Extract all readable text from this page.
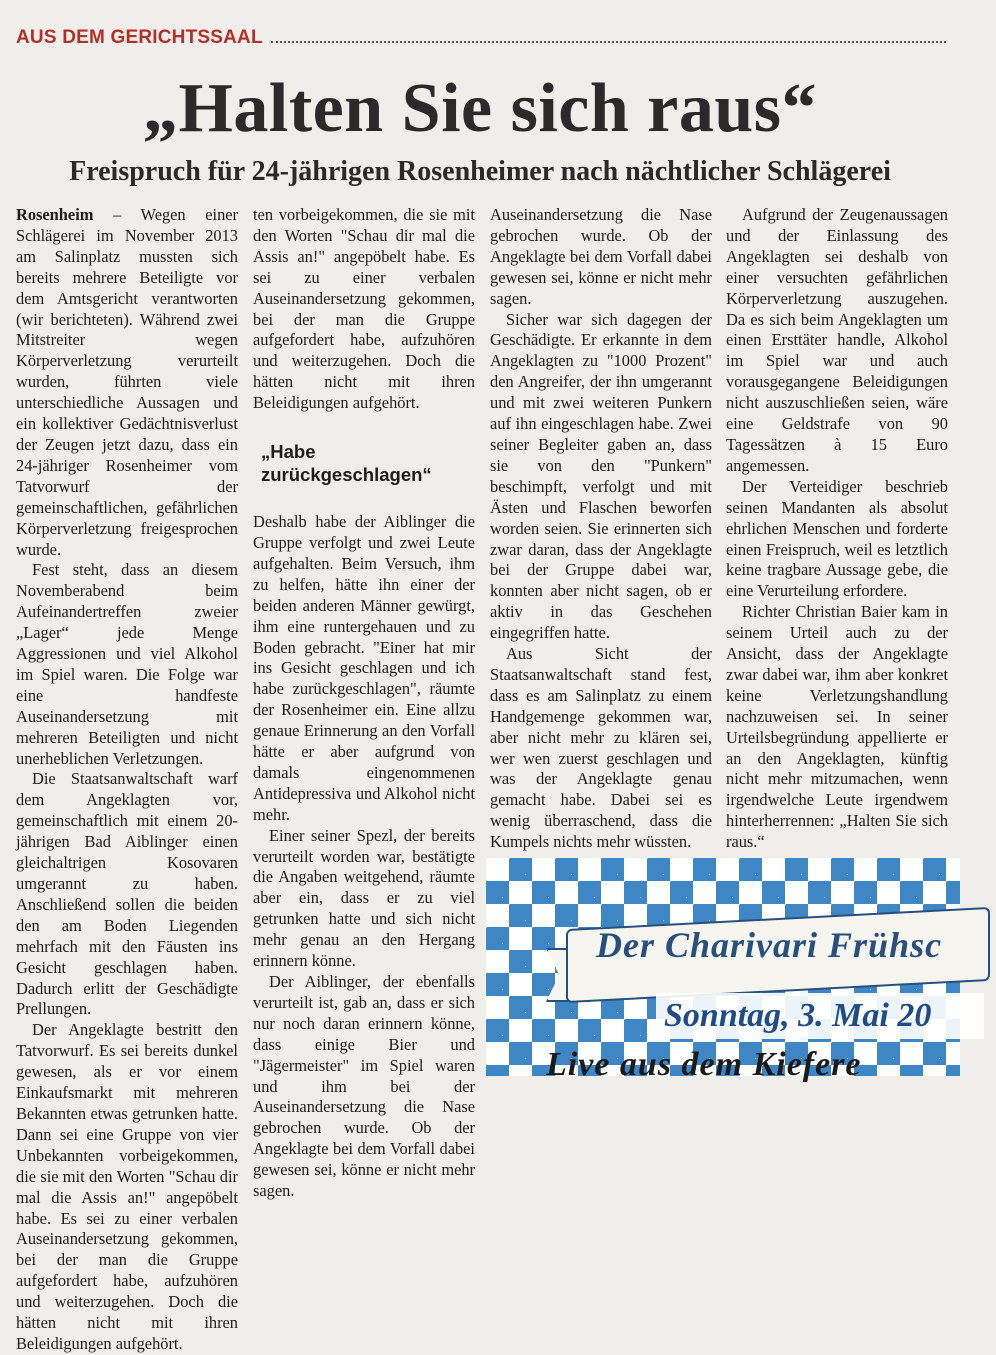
AUS DEM GERICHTSSAAL
„Halten Sie sich raus“
Freispruch für 24-jährigen Rosenheimer nach nächtlicher Schlägerei

Rosenheim – Wegen einer Schlägerei im November 2013 am Salinplatz mussten sich bereits mehrere Beteiligte vor dem Amtsgericht verantworten (wir berichteten). Während zwei Mitstreiter wegen Körperverletzung verurteilt wurden, führten viele unterschiedliche Aussagen und ein kollektiver Gedächtnisverlust der Zeugen jetzt dazu, dass ein 24-jähriger Rosenheimer vom Tatvorwurf der gemeinschaftlichen, gefährlichen Körperverletzung freigesprochen wurde.

Fest steht, dass an diesem Novemberabend beim Aufeinandertreffen zweier „Lager“ jede Menge Aggressionen und viel Alkohol im Spiel waren. Die Folge war eine handfeste Auseinandersetzung mit mehreren Beteiligten und nicht unerheblichen Verletzungen.

Die Staatsanwaltschaft warf dem Angeklagten vor, gemeinschaftlich mit einem 20-jährigen Bad Aiblinger einen gleichaltrigen Kosovaren umgerannt zu haben. Anschließend sollen die beiden den am Boden Liegenden mehrfach mit den Fäusten ins Gesicht geschlagen haben. Dadurch erlitt der Geschädigte Prellungen.

Der Angeklagte bestritt den Tatvorwurf. Es sei bereits dunkel gewesen, als er vor einem Einkaufsmarkt mit mehreren Bekannten etwas getrunken hatte. Dann sei eine Gruppe von vier Unbekannten vorbeigekommen, die sie mit den Worten "Schau dir mal die Assis an!" angepöbelt habe. Es sei zu einer verbalen Auseinandersetzung gekommen, bei der man die Gruppe aufgefordert habe, aufzuhören und weiterzugehen. Doch die hätten nicht mit ihren Beleidigungen aufgehört.

ten vorbeigekommen, die sie mit den Worten "Schau dir mal die Assis an!" angepöbelt habe. Es sei zu einer verbalen Auseinandersetzung gekommen, bei der man die Gruppe aufgefordert habe, aufzuhören und weiterzugehen. Doch die hätten nicht mit ihren Beleidigungen aufgehört.

„Habe zurückgeschlagen“

Deshalb habe der Aiblinger die Gruppe verfolgt und zwei Leute aufgehalten. Beim Versuch, ihm zu helfen, hätte ihn einer der beiden anderen Männer gewürgt, ihm eine runtergehauen und zu Boden gebracht. "Einer hat mir ins Gesicht geschlagen und ich habe zurückgeschlagen", räumte der Rosenheimer ein. Eine allzu genaue Erinnerung an den Vorfall hätte er aber aufgrund von damals eingenommenen Antidepressiva und Alkohol nicht mehr.

Einer seiner Spezl, der bereits verurteilt worden war, bestätigte die Angaben weitgehend, räumte aber ein, dass er zu viel getrunken hatte und sich nicht mehr genau an den Hergang erinnern könne.

Der Aiblinger, der ebenfalls verurteilt ist, gab an, dass er sich nur noch daran erinnern könne, dass einige Bier und "Jägermeister" im Spiel waren und ihm bei der Auseinandersetzung die Nase gebrochen wurde. Ob der Angeklagte bei dem Vorfall dabei gewesen sei, könne er nicht mehr sagen.

Auseinandersetzung die Nase gebrochen wurde. Ob der Angeklagte bei dem Vorfall dabei gewesen sei, könne er nicht mehr sagen.

Sicher war sich dagegen der Geschädigte. Er erkannte in dem Angeklagten zu "1000 Prozent" den Angreifer, der ihn umgerannt und mit zwei weiteren Punkern auf ihn eingeschlagen habe. Zwei seiner Begleiter gaben an, dass sie von den "Punkern" beschimpft, verfolgt und mit Ästen und Flaschen beworfen worden seien. Sie erinnerten sich zwar daran, dass der Angeklagte bei der Gruppe dabei war, konnten aber nicht sagen, ob er aktiv in das Geschehen eingegriffen hatte.

Aus Sicht der Staatsanwaltschaft stand fest, dass es am Salinplatz zu einem Handgemenge gekommen war, aber nicht mehr zu klären sei, wer wen zuerst geschlagen und was der Angeklagte genau gemacht habe. Dabei sei es wenig überraschend, dass die Kumpels nichts mehr wüssten.

Aufgrund der Zeugenaussagen und der Einlassung des Angeklagten sei deshalb von einer versuchten gefährlichen Körperverletzung auszugehen. Da es sich beim Angeklagten um einen Ersttäter handle, Alkohol im Spiel war und auch vorausgegangene Beleidigungen nicht auszuschließen seien, wäre eine Geldstrafe von 90 Tagessätzen à 15 Euro angemessen.

Der Verteidiger beschrieb seinen Mandanten als absolut ehrlichen Menschen und forderte einen Freispruch, weil es letztlich keine tragbare Aussage gebe, die eine Verurteilung erfordere.

Richter Christian Baier kam in seinem Urteil auch zu der Ansicht, dass der Angeklagte zwar dabei war, ihm aber konkret keine Verletzungshandlung nachzuweisen sei. In seiner Urteilsbegründung appellierte er an den Angeklagten, künftig nicht mehr mitzumachen, wenn irgendwelche Leute irgendwem hinterherrennen: „Halten Sie sich raus.“

Der Charivari Frühsc
Sonntag, 3. Mai 20
Live aus dem Kiefere
